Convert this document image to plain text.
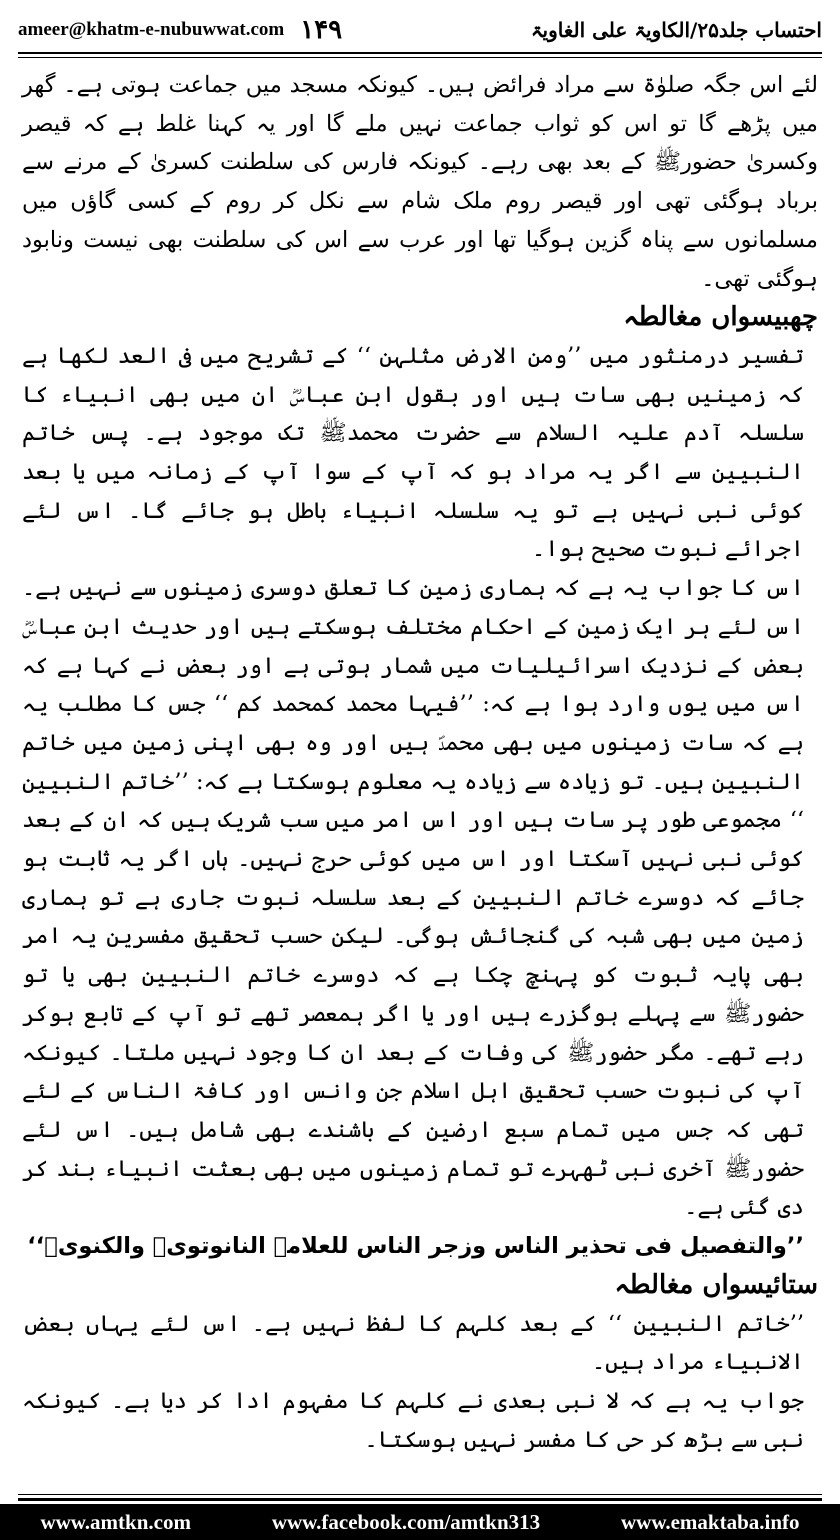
ameer@khatm-e-nubuwwat.com ۱۴۹	احتساب جلد۲۵/الکاویۃ علی الغاویۃ

لئے اس جگہ صلوٰۃ سے مراد فرائض ہیں۔ کیونکہ مسجد میں جماعت ہوتی ہے۔ گھر میں پڑھے گا تو اس کو ثواب جماعت نہیں ملے گا اور یہ کہنا غلط ہے کہ قیصر وکسریٰ حضورﷺ کے بعد بھی رہے۔ کیونکہ فارس کی سلطنت کسریٰ کے مرنے سے برباد ہوگئی تھی اور قیصر روم ملک شام سے نکل کر روم کے کسی گاؤں میں مسلمانوں سے پناہ گزین ہوگیا تھا اور عرب سے اس کی سلطنت بھی نیست ونابود ہوگئی تھی۔

چھبیسواں مغالطہ

تفسیر درمنثور میں ’’ومن الارض مثلہن ‘‘ کے تشریح میں فی العد لکھا ہے کہ زمینیں بھی سات ہیں اور بقول ابن عباسؓ ان میں بھی انبیاء کا سلسلہ آدم علیہ السلام سے حضرت محمدﷺ تک موجود ہے۔ پس خاتم النبیین سے اگر یہ مراد ہو کہ آپ کے سوا آپ کے زمانہ میں یا بعد کوئی نبی نہیں ہے تو یہ سلسلہ انبیاء باطل ہو جائے گا۔ اس لئے اجرائے نبوت صحیح ہوا۔

اس کا جواب یہ ہے کہ ہماری زمین کا تعلق دوسری زمینوں سے نہیں ہے۔ اس لئے ہر ایک زمین کے احکام مختلف ہوسکتے ہیں اور حدیث ابن عباسؓ بعض کے نزدیک اسرائیلیات میں شمار ہوتی ہے اور بعض نے کہا ہے کہ اس میں یوں وارد ہوا ہے کہ: ’’فیہا محمد کمحمد کم ‘‘ جس کا مطلب یہ ہے کہ سات زمینوں میں بھی محمدؐ ہیں اور وہ بھی اپنی زمین میں خاتم النبیین ہیں۔ تو زیادہ سے زیادہ یہ معلوم ہوسکتا ہے کہ: ’’خاتم النبیین ‘‘ مجموعی طور پر سات ہیں اور اس امر میں سب شریک ہیں کہ ان کے بعد کوئی نبی نہیں آسکتا اور اس میں کوئی حرج نہیں۔ ہاں اگر یہ ثابت ہو جائے کہ دوسرے خاتم النبیین کے بعد سلسلہ نبوت جاری ہے تو ہماری زمین میں بھی شبہ کی گنجائش ہوگی۔ لیکن حسب تحقیق مفسرین یہ امر بھی پایہ ثبوت کو پہنچ چکا ہے کہ دوسرے خاتم النبیین بھی یا تو حضورﷺ سے پہلے ہوگزرے ہیں اور یا اگر ہمعصر تھے تو آپ کے تابع ہوکر رہے تھے۔ مگر حضورﷺ کی وفات کے بعد ان کا وجود نہیں ملتا۔ کیونکہ آپ کی نبوت حسب تحقیق اہل اسلام جن وانس اور کافۃ الناس کے لئے تھی کہ جس میں تمام سبع ارضین کے باشندے بھی شامل ہیں۔ اس لئے حضورﷺ آخری نبی ٹھہرے تو تمام زمینوں میں بھی بعثت انبیاء بند کر دی گئی ہے۔

’’والتفصیل فی تحذیر الناس وزجر الناس للعلامۃ النانوتویؒ والکنویؒ‘‘

ستائیسواں مغالطہ

’’خاتم النبیین ‘‘ کے بعد کلہم کا لفظ نہیں ہے۔ اس لئے یہاں بعض الانبیاء مراد ہیں۔

جواب یہ ہے کہ لا نبی بعدی نے کلہم کا مفہوم ادا کر دیا ہے۔ کیونکہ نبی سے بڑھ کر حی کا مفسر نہیں ہوسکتا۔

www.amtkn.com	www.facebook.com/amtkn313	www.emaktaba.info
